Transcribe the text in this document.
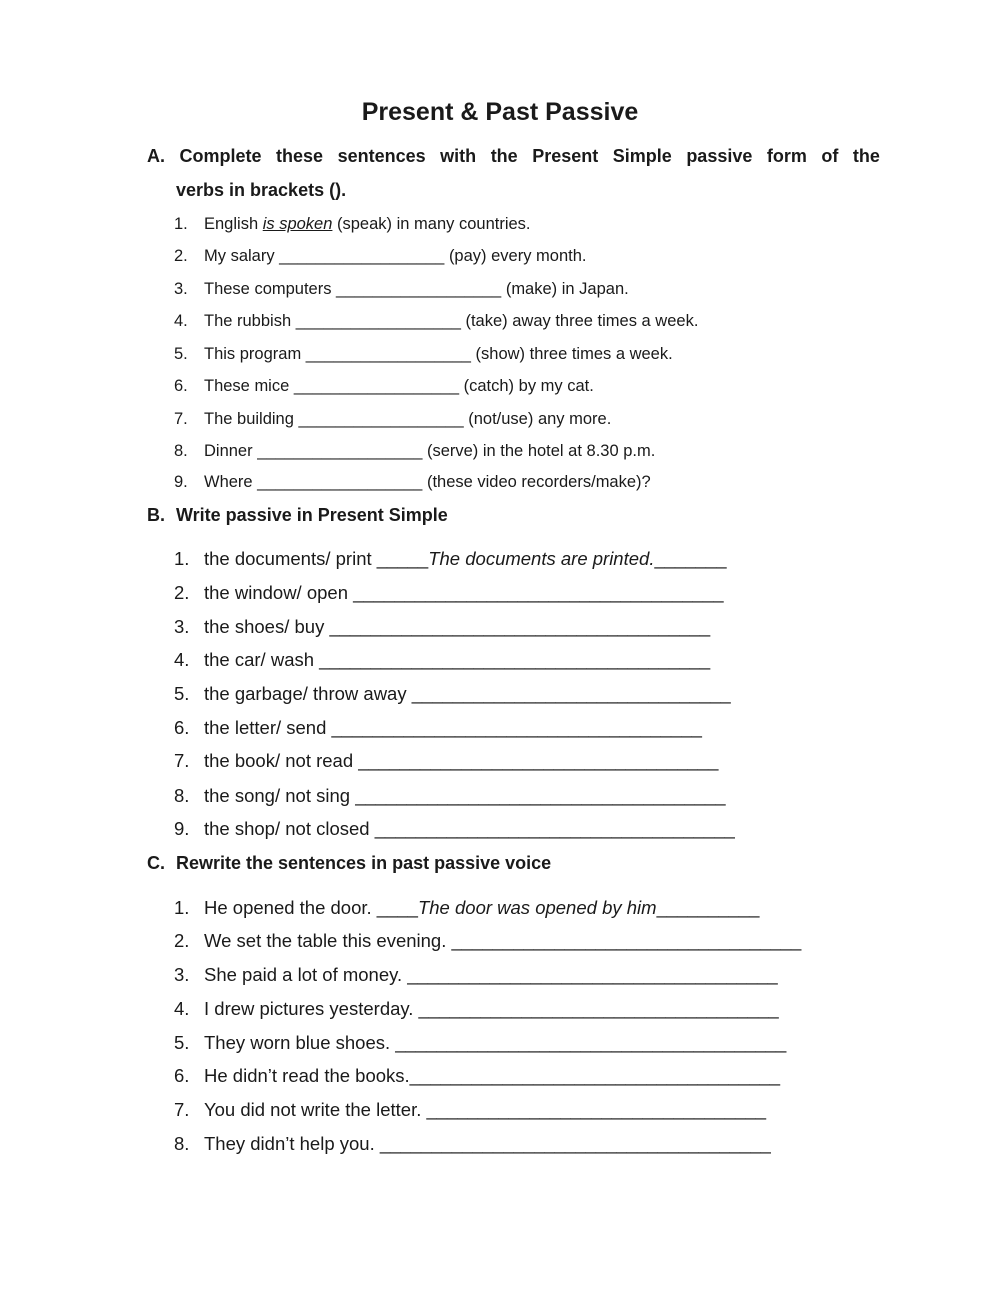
Present & Past Passive
A. Complete these sentences with the Present Simple passive form of the
verbs in brackets ().
1. English is spoken (speak) in many countries.
2. My salary __________________ (pay) every month.
3. These computers __________________ (make) in Japan.
4. The rubbish __________________ (take) away three times a week.
5. This program __________________ (show) three times a week.
6. These mice __________________ (catch) by my cat.
7. The building __________________ (not/use) any more.
8. Dinner __________________ (serve) in the hotel at 8.30 p.m.
9. Where __________________ (these video recorders/make)?
B. Write passive in Present Simple
1. the documents/ print _____The documents are printed._______
2. the window/ open ____________________________________
3. the shoes/ buy _____________________________________
4. the car/ wash ______________________________________
5. the garbage/ throw away _______________________________
6. the letter/ send ____________________________________
7. the book/ not read ___________________________________
8. the song/ not sing ____________________________________
9. the shop/ not closed ___________________________________
C. Rewrite the sentences in past passive voice
1. He opened the door. ____The door was opened by him__________
2. We set the table this evening. __________________________________
3. She paid a lot of money. ____________________________________
4. I drew pictures yesterday. ___________________________________
5. They worn blue shoes. ______________________________________
6. He didn’t read the books.____________________________________
7. You did not write the letter. _________________________________
8. They didn’t help you. ______________________________________
